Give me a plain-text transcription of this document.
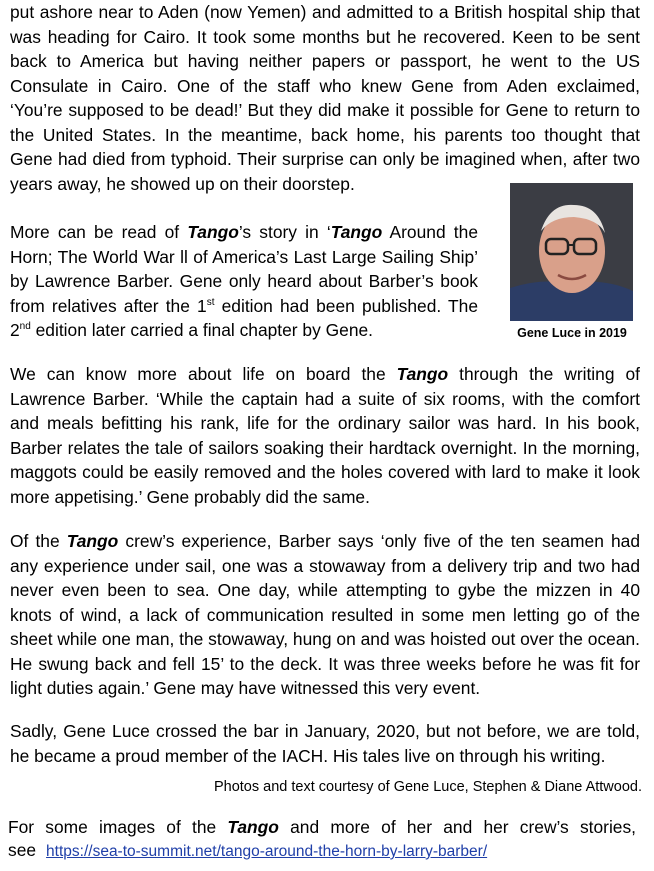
put ashore near to Aden (now Yemen) and admitted to a British hospital ship that was heading for Cairo. It took some months but he recovered. Keen to be sent back to America but having neither papers or passport, he went to the US Consulate in Cairo. One of the staff who knew Gene from Aden exclaimed, ‘You’re supposed to be dead!’ But they did make it possible for Gene to return to the United States. In the meantime, back home, his parents too thought that Gene had died from typhoid. Their surprise can only be imagined when, after two years away, he showed up on their doorstep.

More can be read of Tango’s story in ‘Tango Around the Horn; The World War ll of America’s Last Large Sailing Ship’ by Lawrence Barber. Gene only heard about Barber’s book from relatives after the 1st edition had been published. The 2nd edition later carried a final chapter by Gene.	Gene Luce in 2019

We can know more about life on board the Tango through the writing of Lawrence Barber. ‘While the captain had a suite of six rooms, with the comfort and meals befitting his rank, life for the ordinary sailor was hard. In his book, Barber relates the tale of sailors soaking their hardtack overnight. In the morning, maggots could be easily removed and the holes covered with lard to make it look more appetising.’ Gene probably did the same.

Of the Tango crew’s experience, Barber says ‘only five of the ten seamen had any experience under sail, one was a stowaway from a delivery trip and two had never even been to sea. One day, while attempting to gybe the mizzen in 40 knots of wind, a lack of communication resulted in some men letting go of the sheet while one man, the stowaway, hung on and was hoisted out over the ocean. He swung back and fell 15’ to the deck. It was three weeks before he was fit for light duties again.’ Gene may have witnessed this very event.

Sadly, Gene Luce crossed the bar in January, 2020, but not before, we are told, he became a proud member of the IACH. His tales live on through his writing.

Photos and text courtesy of Gene Luce, Stephen & Diane Attwood.

For some images of the Tango and more of her and her crew’s stories,

see https://sea-to-summit.net/tango-around-the-horn-by-larry-barber/
